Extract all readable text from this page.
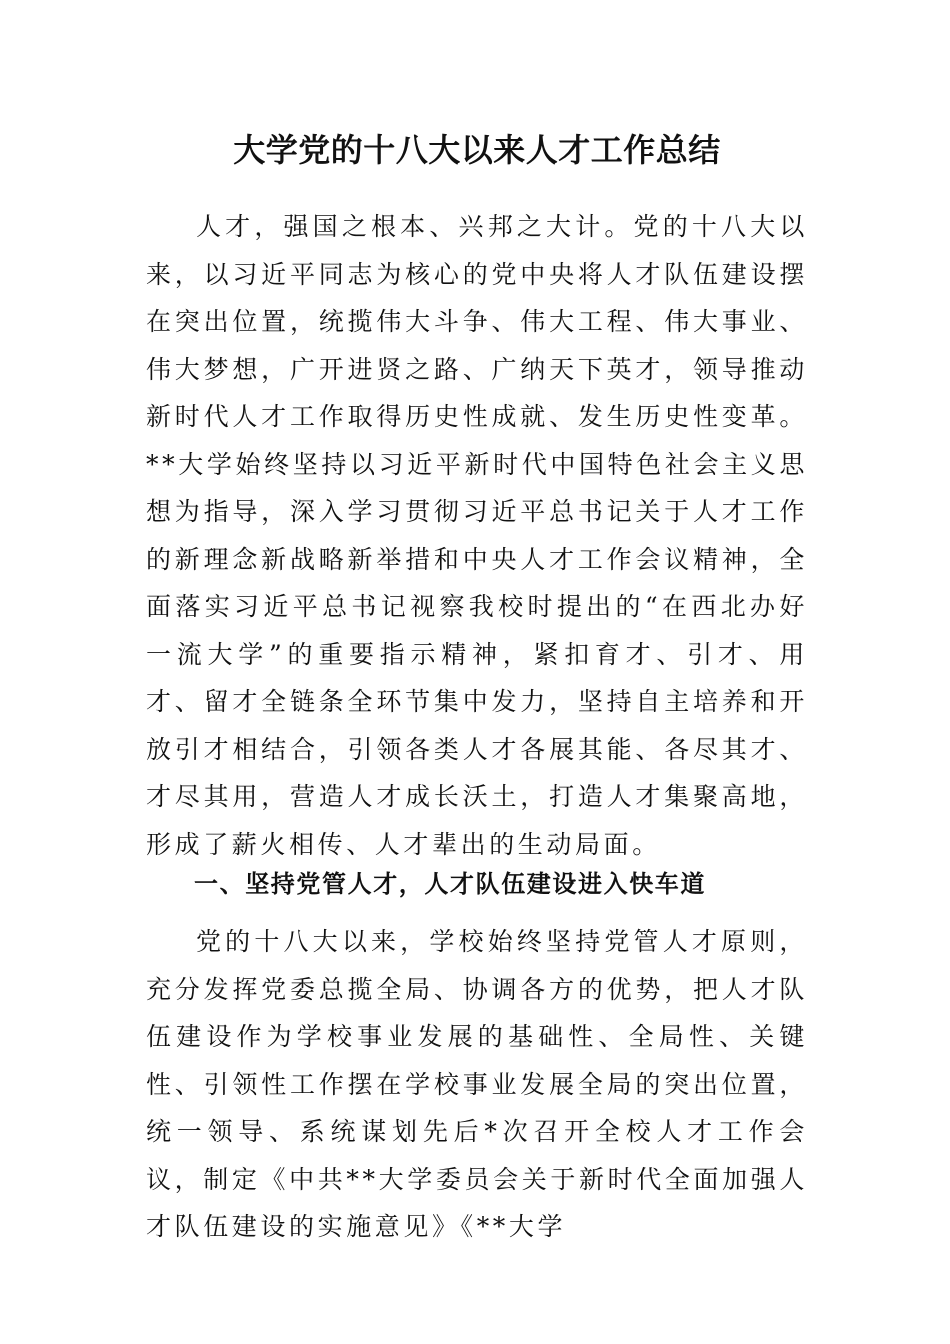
大学党的十八大以来人才工作总结

人才，强国之根本、兴邦之大计。党的十八大以来，以习近平同志为核心的党中央将人才队伍建设摆在突出位置，统揽伟大斗争、伟大工程、伟大事业、伟大梦想，广开进贤之路、广纳天下英才，领导推动新时代人才工作取得历史性成就、发生历史性变革。**大学始终坚持以习近平新时代中国特色社会主义思想为指导，深入学习贯彻习近平总书记关于人才工作的新理念新战略新举措和中央人才工作会议精神，全面落实习近平总书记视察我校时提出的“在西北办好一流大学”的重要指示精神，紧扣育才、引才、用才、留才全链条全环节集中发力，坚持自主培养和开放引才相结合，引领各类人才各展其能、各尽其才、才尽其用，营造人才成长沃土，打造人才集聚高地，形成了薪火相传、人才辈出的生动局面。

一、坚持党管人才，人才队伍建设进入快车道

党的十八大以来，学校始终坚持党管人才原则，充分发挥党委总揽全局、协调各方的优势，把人才队伍建设作为学校事业发展的基础性、全局性、关键性、引领性工作摆在学校事业发展全局的突出位置，统一领导、系统谋划先后*次召开全校人才工作会议，制定《中共**大学委员会关于新时代全面加强人才队伍建设的实施意见》《**大学
